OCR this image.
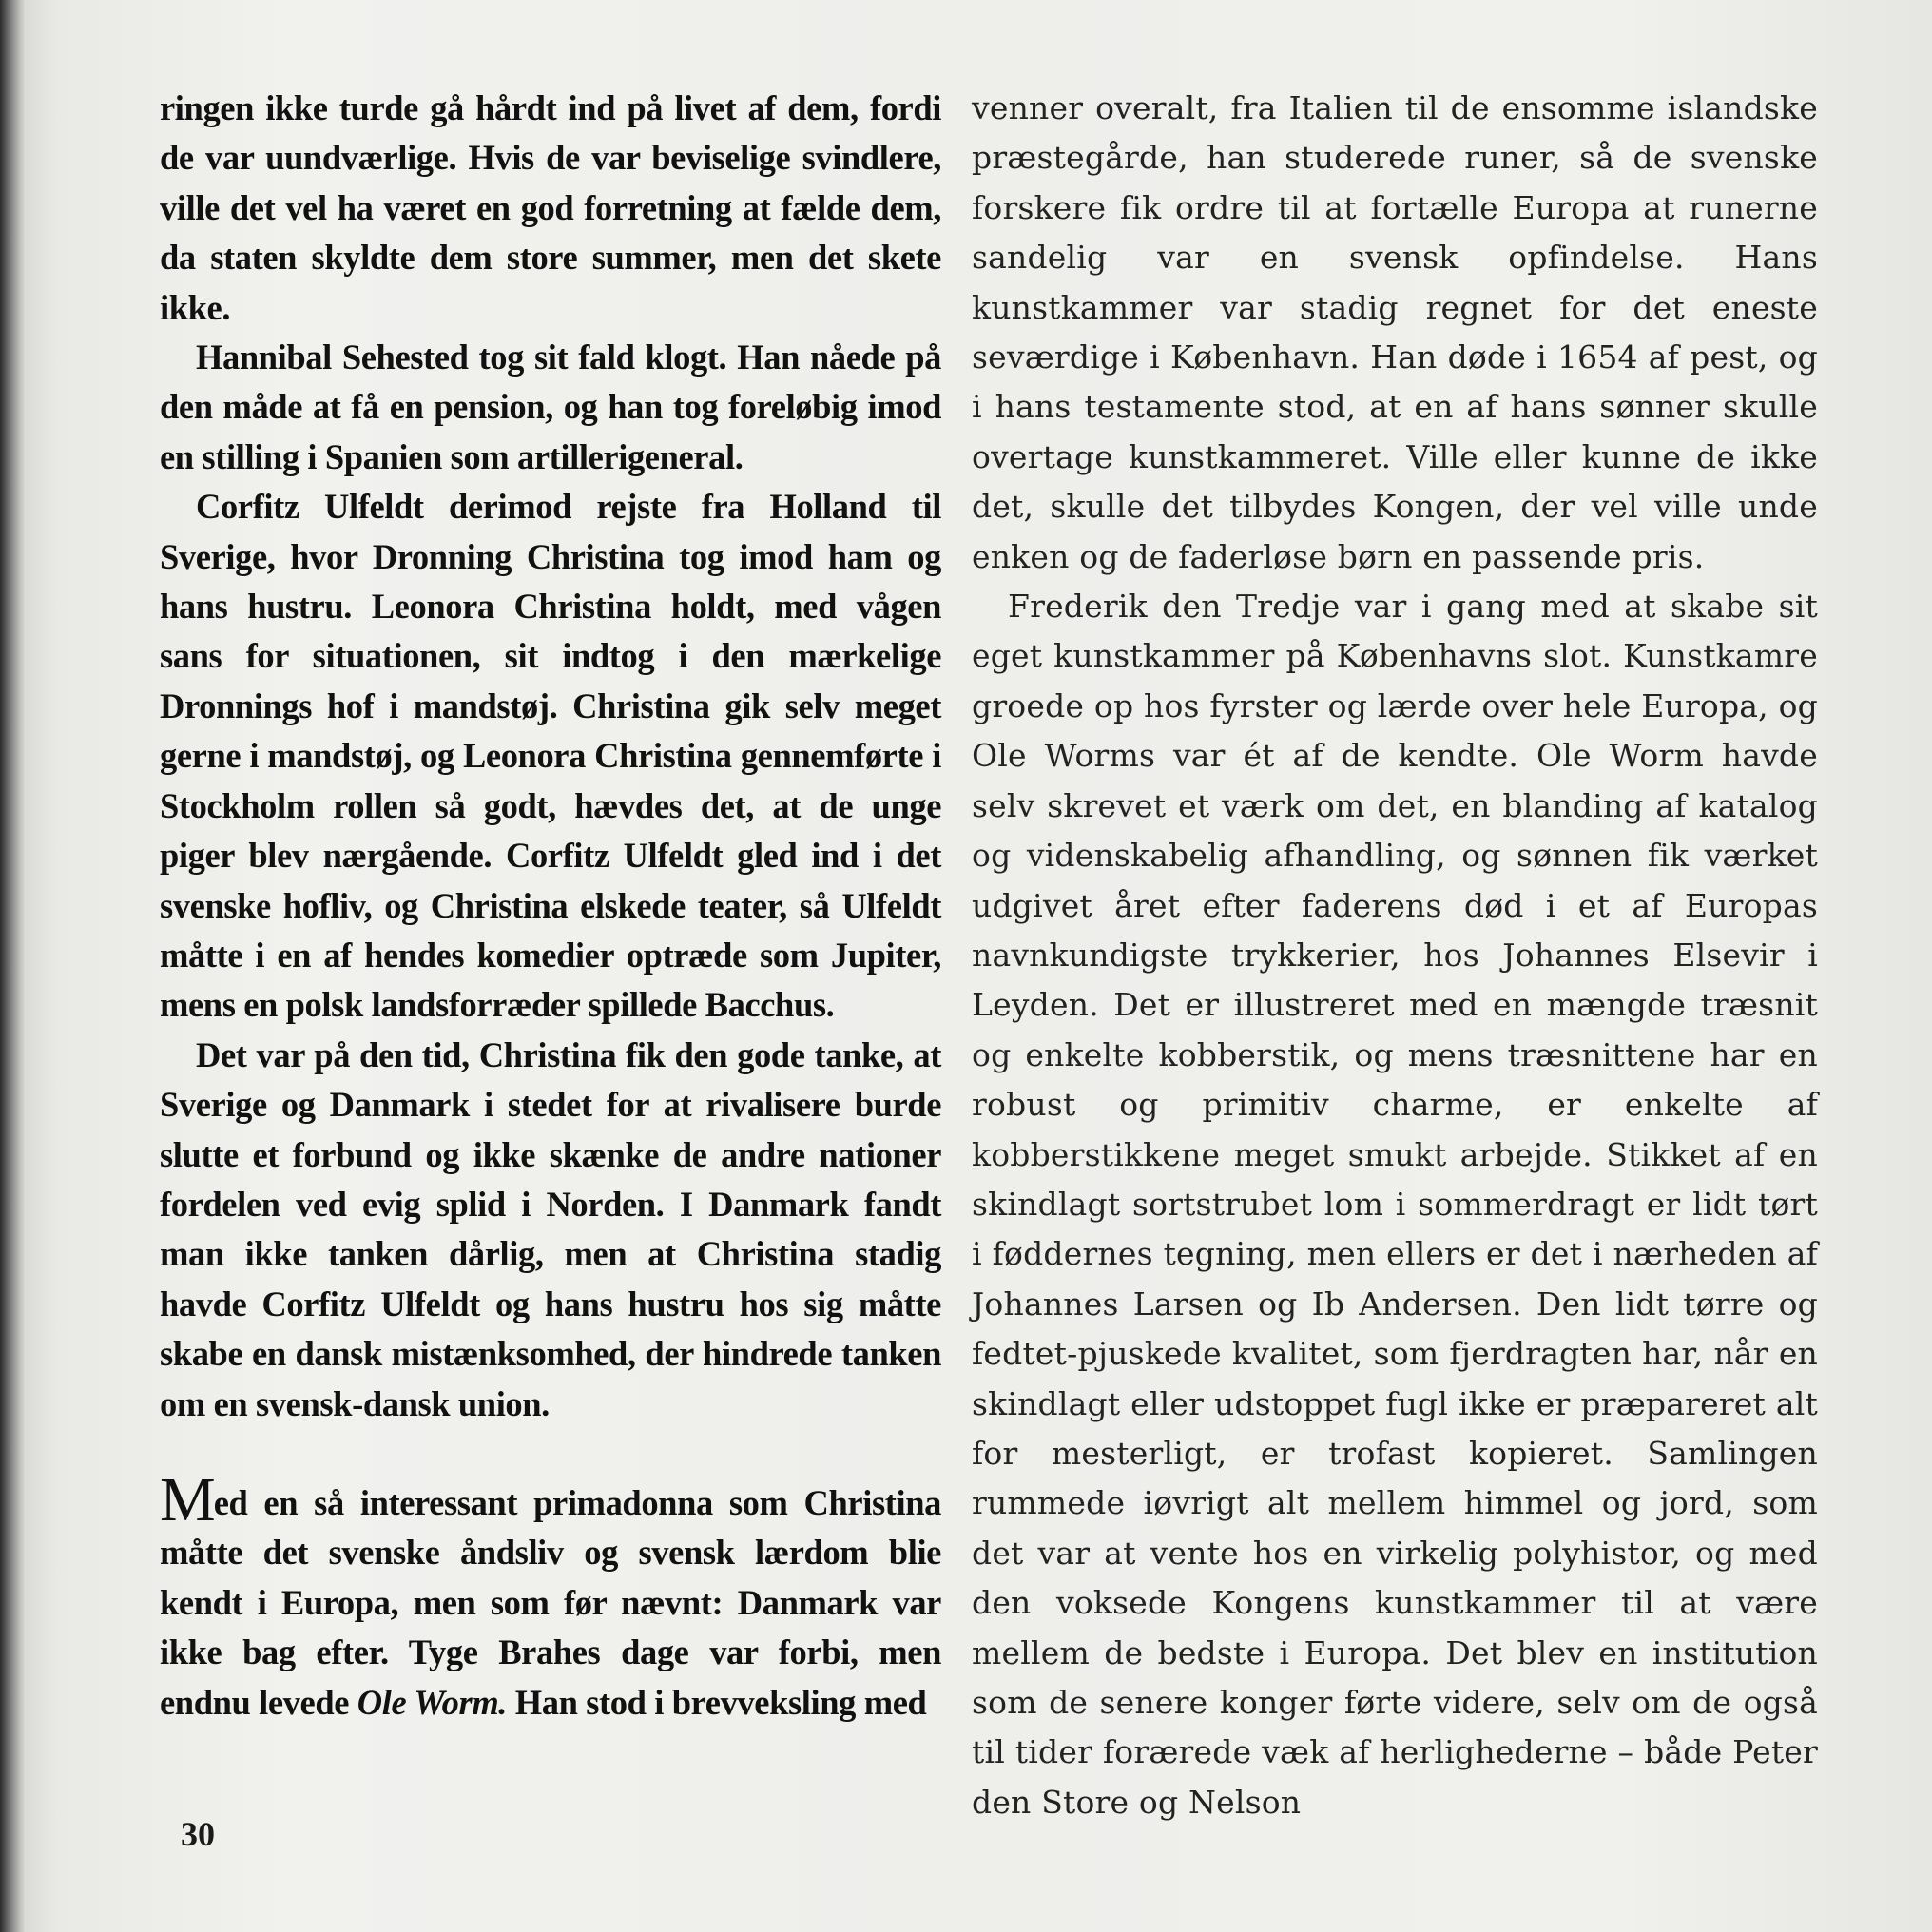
ringen ikke turde gå hårdt ind på livet af dem, fordi de var uundværlige. Hvis de var beviselige svindlere, ville det vel ha været en god forretning at fælde dem, da staten skyldte dem store summer, men det skete ikke.

Hannibal Sehested tog sit fald klogt. Han nåede på den måde at få en pension, og han tog foreløbig imod en stilling i Spanien som artillerigeneral.

Corfitz Ulfeldt derimod rejste fra Holland til Sverige, hvor Dronning Christina tog imod ham og hans hustru. Leonora Christina holdt, med vågen sans for situationen, sit indtog i den mærkelige Dronnings hof i mandstøj. Christina gik selv meget gerne i mandstøj, og Leonora Christina gennemførte i Stockholm rollen så godt, hævdes det, at de unge piger blev nærgående. Corfitz Ulfeldt gled ind i det svenske hofliv, og Christina elskede teater, så Ulfeldt måtte i en af hendes komedier optræde som Jupiter, mens en polsk landsforræder spillede Bacchus.

Det var på den tid, Christina fik den gode tanke, at Sverige og Danmark i stedet for at rivalisere burde slutte et forbund og ikke skænke de andre nationer fordelen ved evig splid i Norden. I Danmark fandt man ikke tanken dårlig, men at Christina stadig havde Corfitz Ulfeldt og hans hustru hos sig måtte skabe en dansk mistænksomhed, der hindrede tanken om en svensk-dansk union.

Med en så interessant primadonna som Christina måtte det svenske åndsliv og svensk lærdom blie kendt i Europa, men som før nævnt: Danmark var ikke bag efter. Tyge Brahes dage var forbi, men endnu levede Ole Worm. Han stod i brevveksling med

venner overalt, fra Italien til de ensomme islandske præstegårde, han studerede runer, så de svenske forskere fik ordre til at fortælle Europa at runerne sandelig var en svensk opfindelse. Hans kunstkammer var stadig regnet for det eneste seværdige i København. Han døde i 1654 af pest, og i hans testamente stod, at en af hans sønner skulle overtage kunstkammeret. Ville eller kunne de ikke det, skulle det tilbydes Kongen, der vel ville unde enken og de faderløse børn en passende pris.

Frederik den Tredje var i gang med at skabe sit eget kunstkammer på Københavns slot. Kunstkamre groede op hos fyrster og lærde over hele Europa, og Ole Worms var ét af de kendte. Ole Worm havde selv skrevet et værk om det, en blanding af katalog og videnskabelig afhandling, og sønnen fik værket udgivet året efter faderens død i et af Europas navnkundigste trykkerier, hos Johannes Elsevir i Leyden. Det er illustreret med en mængde træsnit og enkelte kobberstik, og mens træsnittene har en robust og primitiv charme, er enkelte af kobberstikkene meget smukt arbejde. Stikket af en skindlagt sortstrubet lom i sommerdragt er lidt tørt i føddernes tegning, men ellers er det i nærheden af Johannes Larsen og Ib Andersen. Den lidt tørre og fedtet-pjuskede kvalitet, som fjerdragten har, når en skindlagt eller udstoppet fugl ikke er præpareret alt for mesterligt, er trofast kopieret. Samlingen rummede iøvrigt alt mellem himmel og jord, som det var at vente hos en virkelig polyhistor, og med den voksede Kongens kunstkammer til at være mellem de bedste i Europa. Det blev en institution som de senere konger førte videre, selv om de også til tider forærede væk af herlighederne – både Peter den Store og Nelson

30
